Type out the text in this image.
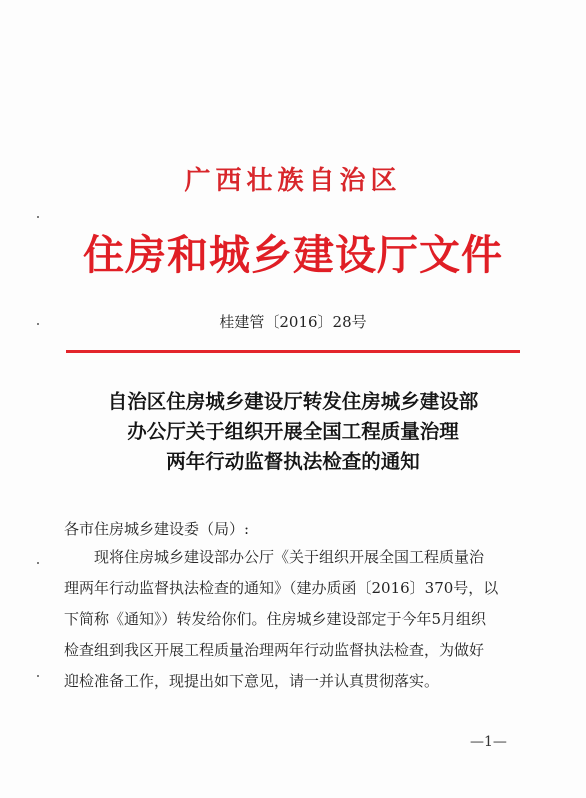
广西壮族自治区
住房和城乡建设厅文件
桂建管〔2016〕28号
自治区住房城乡建设厅转发住房城乡建设部
办公厅关于组织开展全国工程质量治理
两年行动监督执法检查的通知
各市住房城乡建设委（局）:
现将住房城乡建设部办公厅《关于组织开展全国工程质量治
理两年行动监督执法检查的通知》（建办质函〔2016〕370号，以
下简称《通知》）转发给你们。住房城乡建设部定于今年5月组织
检查组到我区开展工程质量治理两年行动监督执法检查，为做好
迎检准备工作，现提出如下意见，请一并认真贯彻落实。
—1—
